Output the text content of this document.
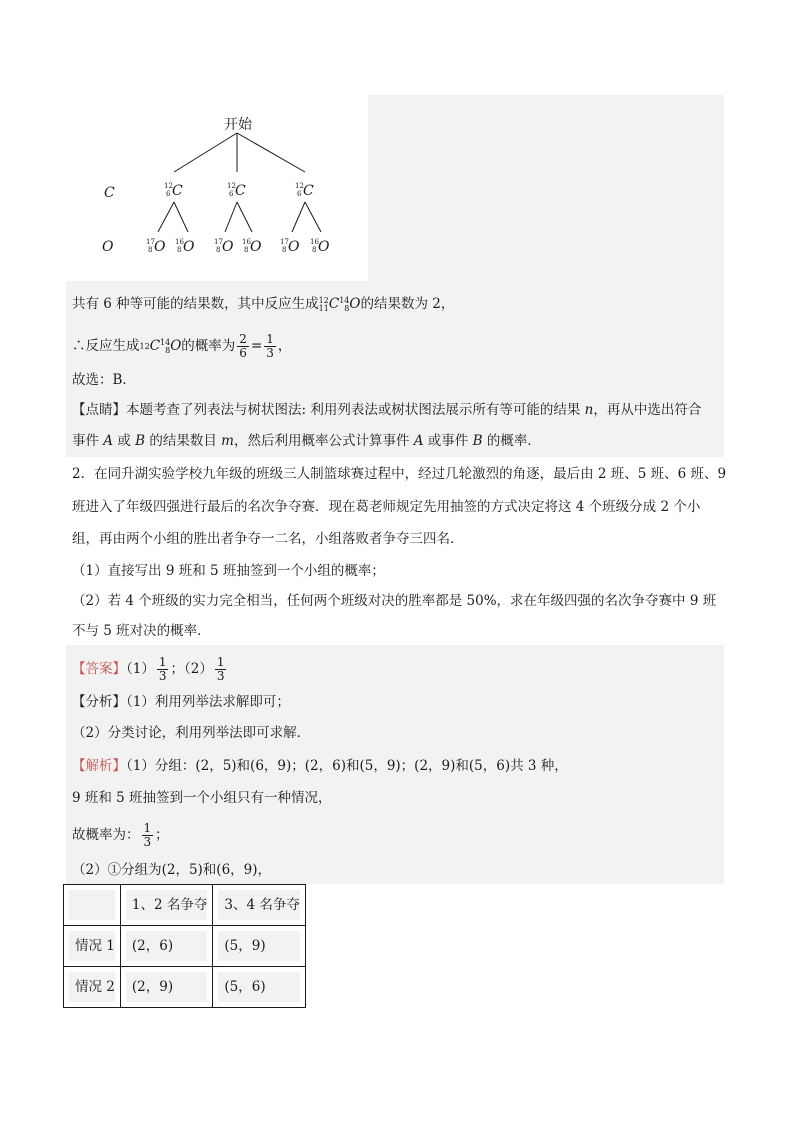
开始
C
O
12
6 C	12
6 C	12
6 C
17
8 O 16
8 O	17
8 O 16
8 O	17
8 O 16
8 O
共有 6 种等可能的结果数，其中反应生成 12
11 C 14
8 O的结果数为 2，
∴反应生成 12 C 14
8 O的概率为 $\frac{2}{6} = \frac{1}{3}$ ，
故选：B．
【点睛】本题考查了列表法与树状图法: 利用列表法或树状图法展示所有等可能的结果 n，再从中选出符合
事件 A 或 B 的结果数目 m，然后利用概率公式计算事件 A 或事件 B 的概率．
2．在同升湖实验学校九年级的班级三人制篮球赛过程中，经过几轮激烈的角逐，最后由 2 班、5 班、6 班、9
班进入了年级四强进行最后的名次争夺赛．现在葛老师规定先用抽签的方式决定将这 4 个班级分成 2 个小
组，再由两个小组的胜出者争夺一二名，小组落败者争夺三四名．
（1）直接写出 9 班和 5 班抽签到一个小组的概率；
（2）若 4 个班级的实力完全相当，任何两个班级对决的胜率都是 50%，求在年级四强的名次争夺赛中 9 班
不与 5 班对决的概率．
【答案】$(1) \frac{1}{3}$ ；$(2) \frac{1}{3}$
【分析】（1）利用列举法求解即可；
（2）分类讨论，利用列举法即可求解．
【解析】（1）分组：(2，5)和(6，9)；(2，6)和(5，9)；(2，9)和(5，6)共 3 种，
9 班和 5 班抽签到一个小组只有一种情况，
故概率为： $\frac{1}{3}$ ；
（2）①分组为(2，5)和(6，9)，

	1、2 名争夺	3、4 名争夺

情况 1	(2，6)	(5，9)

情况 2	(2，9)	(5，6)
